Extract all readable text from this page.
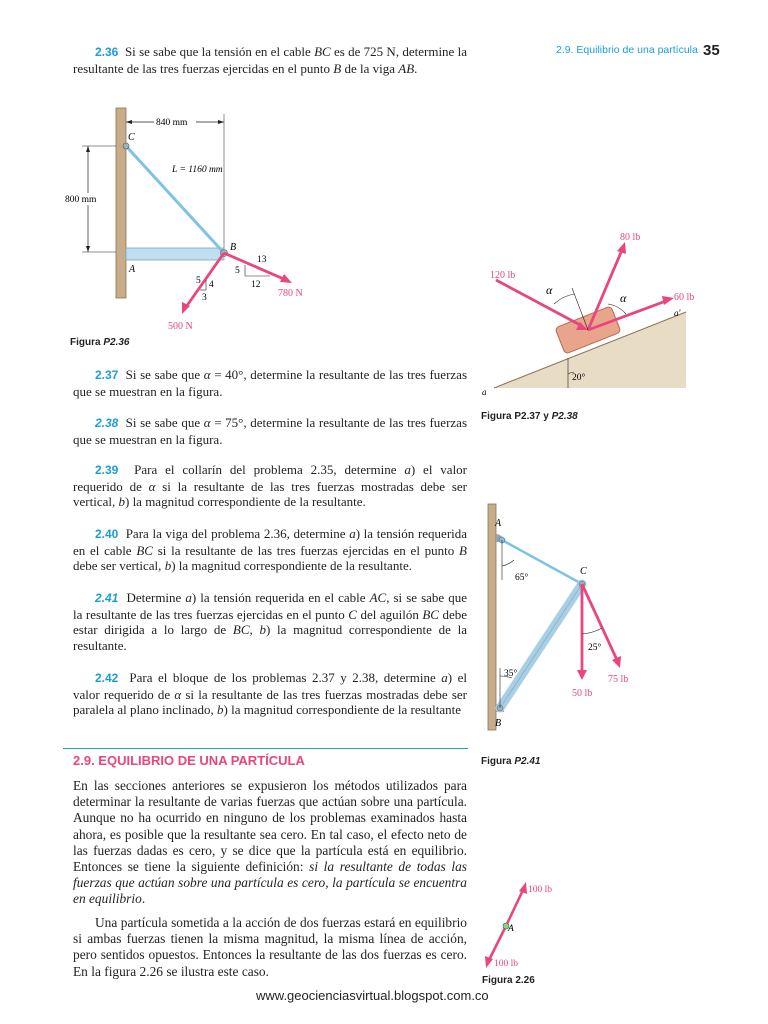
2.9. Equilibrio de una partícula 35
2.36 Si se sabe que la tensión en el cable BC es de 725 N, determine la resultante de las tres fuerzas ejercidas en el punto B de la viga AB.
2.37 Si se sabe que α = 40°, determine la resultante de las tres fuerzas que se muestran en la figura.
2.38 Si se sabe que α = 75°, determine la resultante de las tres fuerzas que se muestran en la figura.
2.39 Para el collarín del problema 2.35, determine a) el valor requerido de α si la resultante de las tres fuerzas mostradas debe ser vertical, b) la magnitud correspondiente de la resultante.
2.40 Para la viga del problema 2.36, determine a) la tensión requerida en el cable BC si la resultante de las tres fuerzas ejercidas en el punto B debe ser vertical, b) la magnitud correspondiente de la resultante.
2.41 Determine a) la tensión requerida en el cable AC, si se sabe que la resultante de las tres fuerzas ejercidas en el punto C del aguilón BC debe estar dirigida a lo largo de BC, b) la magnitud correspondiente de la resultante.
2.42 Para el bloque de los problemas 2.37 y 2.38, determine a) el valor requerido de α si la resultante de las tres fuerzas mostradas debe ser paralela al plano inclinado, b) la magnitud correspondiente de la resultante
2.9. EQUILIBRIO DE UNA PARTÍCULA
En las secciones anteriores se expusieron los métodos utilizados para determinar la resultante de varias fuerzas que actúan sobre una partícula. Aunque no ha ocurrido en ninguno de los problemas examinados hasta ahora, es posible que la resultante sea cero. En tal caso, el efecto neto de las fuerzas dadas es cero, y se dice que la partícula está en equilibrio. Entonces se tiene la siguiente definición: si la resultante de todas las fuerzas que actúan sobre una partícula es cero, la partícula se encuentra en equilibrio.
Una partícula sometida a la acción de dos fuerzas estará en equilibrio si ambas fuerzas tienen la misma magnitud, la misma línea de acción, pero sentidos opuestos. Entonces la resultante de las dos fuerzas es cero. En la figura 2.26 se ilustra este caso.
800 mm
840 mm
C
A
B
L = 1160 mm
780 N
5
13
12
500 N
5 4
3
Figura P2.36
a
a'
20°
120 lb
80 lb
60 lb
α
α
Figura P2.37 y P2.38
A
B
C
65°
35°
50 lb
75 lb
25°
Figura P2.41
A
100 lb
100 lb
Figura 2.26
www.geocienciasvirtual.blogspot.com.co
